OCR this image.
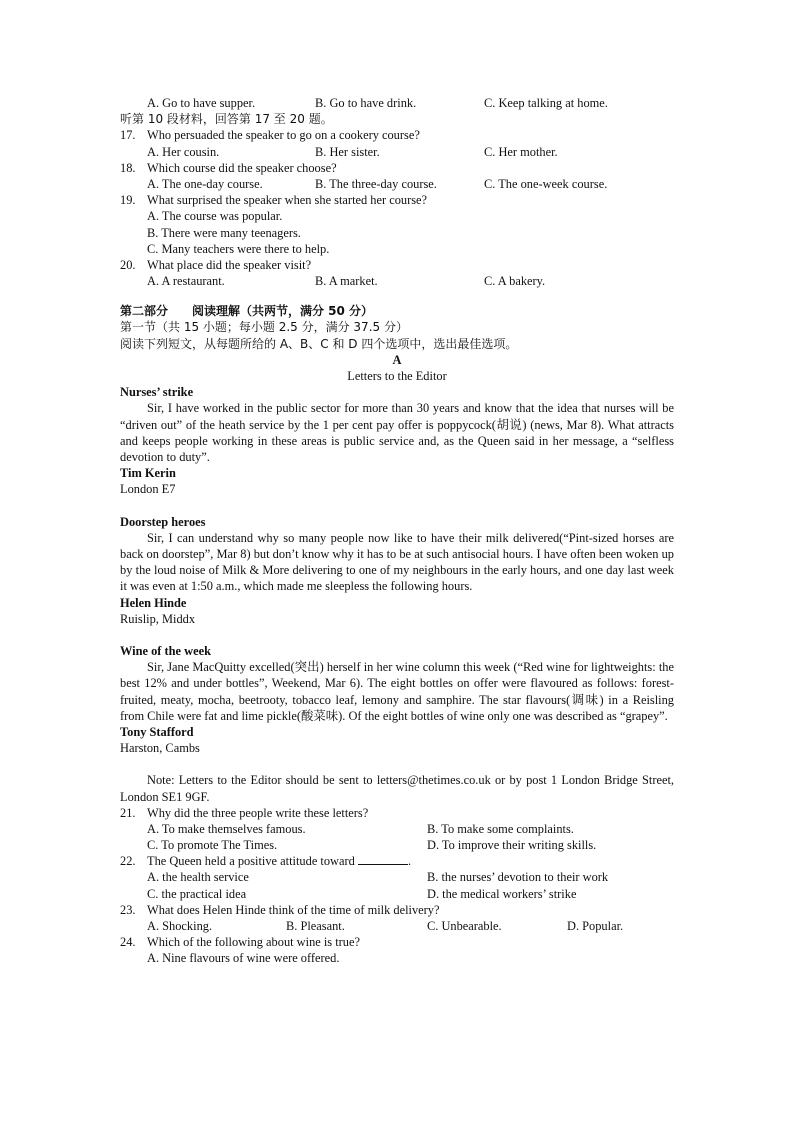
A. Go to have supper.	B. Go to have drink.	C. Keep talking at home.
听第 10 段材料，回答第 17 至 20 题。
17. Who persuaded the speaker to go on a cookery course?
A. Her cousin.	B. Her sister.	C. Her mother.
18. Which course did the speaker choose?
A. The one-day course.	B. The three-day course.	C. The one-week course.
19. What surprised the speaker when she started her course?
A. The course was popular.
B. There were many teenagers.
C. Many teachers were there to help.
20. What place did the speaker visit?
A. A restaurant.	B. A market.	C. A bakery.
第二部分　　阅读理解（共两节，满分 50 分）
第一节（共 15 小题；每小题 2.5 分，满分 37.5 分）
阅读下列短文，从每题所给的 A、B、C 和 D 四个选项中，选出最佳选项。
A
Letters to the Editor
Nurses’ strike

Sir, I have worked in the public sector for more than 30 years and know that the idea that nurses will be “driven out” of the heath service by the 1 per cent pay offer is poppycock(胡说) (news, Mar 8). What attracts and keeps people working in these areas is public service and, as the Queen said in her message, a “selfless devotion to duty”.

Tim Kerin
London E7
Doorstep heroes

Sir, I can understand why so many people now like to have their milk delivered(“Pint-sized horses are back on doorstep”, Mar 8) but don’t know why it has to be at such antisocial hours. I have often been woken up by the loud noise of Milk & More delivering to one of my neighbours in the early hours, and one day last week it was even at 1:50 a.m., which made me sleepless the following hours.

Helen Hinde
Ruislip, Middx
Wine of the week

Sir, Jane MacQuitty excelled(突出) herself in her wine column this week (“Red wine for lightweights: the best 12% and under bottles”, Weekend, Mar 6). The eight bottles on offer were flavoured as follows: forest-fruited, meaty, mocha, beetrooty, tobacco leaf, lemony and samphire. The star flavours(调味) in a Reisling from Chile were fat and lime pickle(酸菜味). Of the eight bottles of wine only one was described as “grapey”.

Tony Stafford
Harston, Cambs

Note: Letters to the Editor should be sent to letters@thetimes.co.uk or by post 1 London Bridge Street, London SE1 9GF.

21. Why did the three people write these letters?
A. To make themselves famous.	B. To make some complaints.
C. To promote The Times.	D. To improve their writing skills.
22. The Queen held a positive attitude toward	.
A. the health service	B. the nurses’ devotion to their work
C. the practical idea	D. the medical workers’ strike
23. What does Helen Hinde think of the time of milk delivery?
A. Shocking.	B. Pleasant.	C. Unbearable.	D. Popular.
24. Which of the following about wine is true?
A. Nine flavours of wine were offered.
